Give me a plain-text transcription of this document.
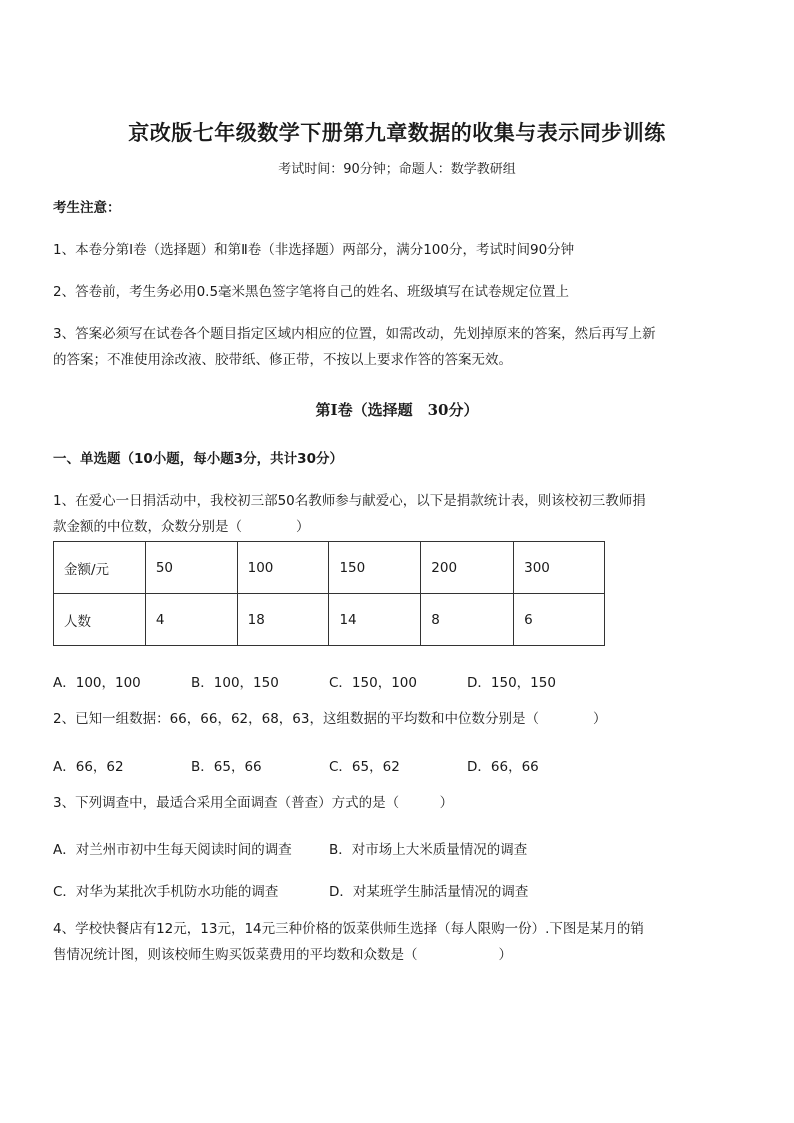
京改版七年级数学下册第九章数据的收集与表示同步训练
考试时间：90分钟；命题人：数学教研组
考生注意：
1、本卷分第Ⅰ卷（选择题）和第Ⅱ卷（非选择题）两部分，满分100分，考试时间90分钟
2、答卷前，考生务必用0.5毫米黑色签字笔将自己的姓名、班级填写在试卷规定位置上
3、答案必须写在试卷各个题目指定区域内相应的位置，如需改动，先划掉原来的答案，然后再写上新
的答案；不准使用涂改液、胶带纸、修正带，不按以上要求作答的答案无效。
第Ⅰ卷（选择题　30分）
一、单选题（10小题，每小题3分，共计30分）
1、在爱心一日捐活动中，我校初三部50名教师参与献爱心，以下是捐款统计表，则该校初三教师捐
款金额的中位数，众数分别是（　　　　）
金额/元	50	100	150	200	300
人数	4	18	14	8	6
A．100，100	B．100，150	C．150，100	D．150，150
2、已知一组数据：66，66，62，68，63，这组数据的平均数和中位数分别是（　　　　）
A．66，62	B．65，66	C．65，62	D．66，66
3、下列调查中，最适合采用全面调查（普查）方式的是（　　　）
A．对兰州市初中生每天阅读时间的调查	B．对市场上大米质量情况的调查
C．对华为某批次手机防水功能的调查	D．对某班学生肺活量情况的调查
4、学校快餐店有12元，13元，14元三种价格的饭菜供师生选择（每人限购一份）.下图是某月的销
售情况统计图，则该校师生购买饭菜费用的平均数和众数是（　　　　　　）
